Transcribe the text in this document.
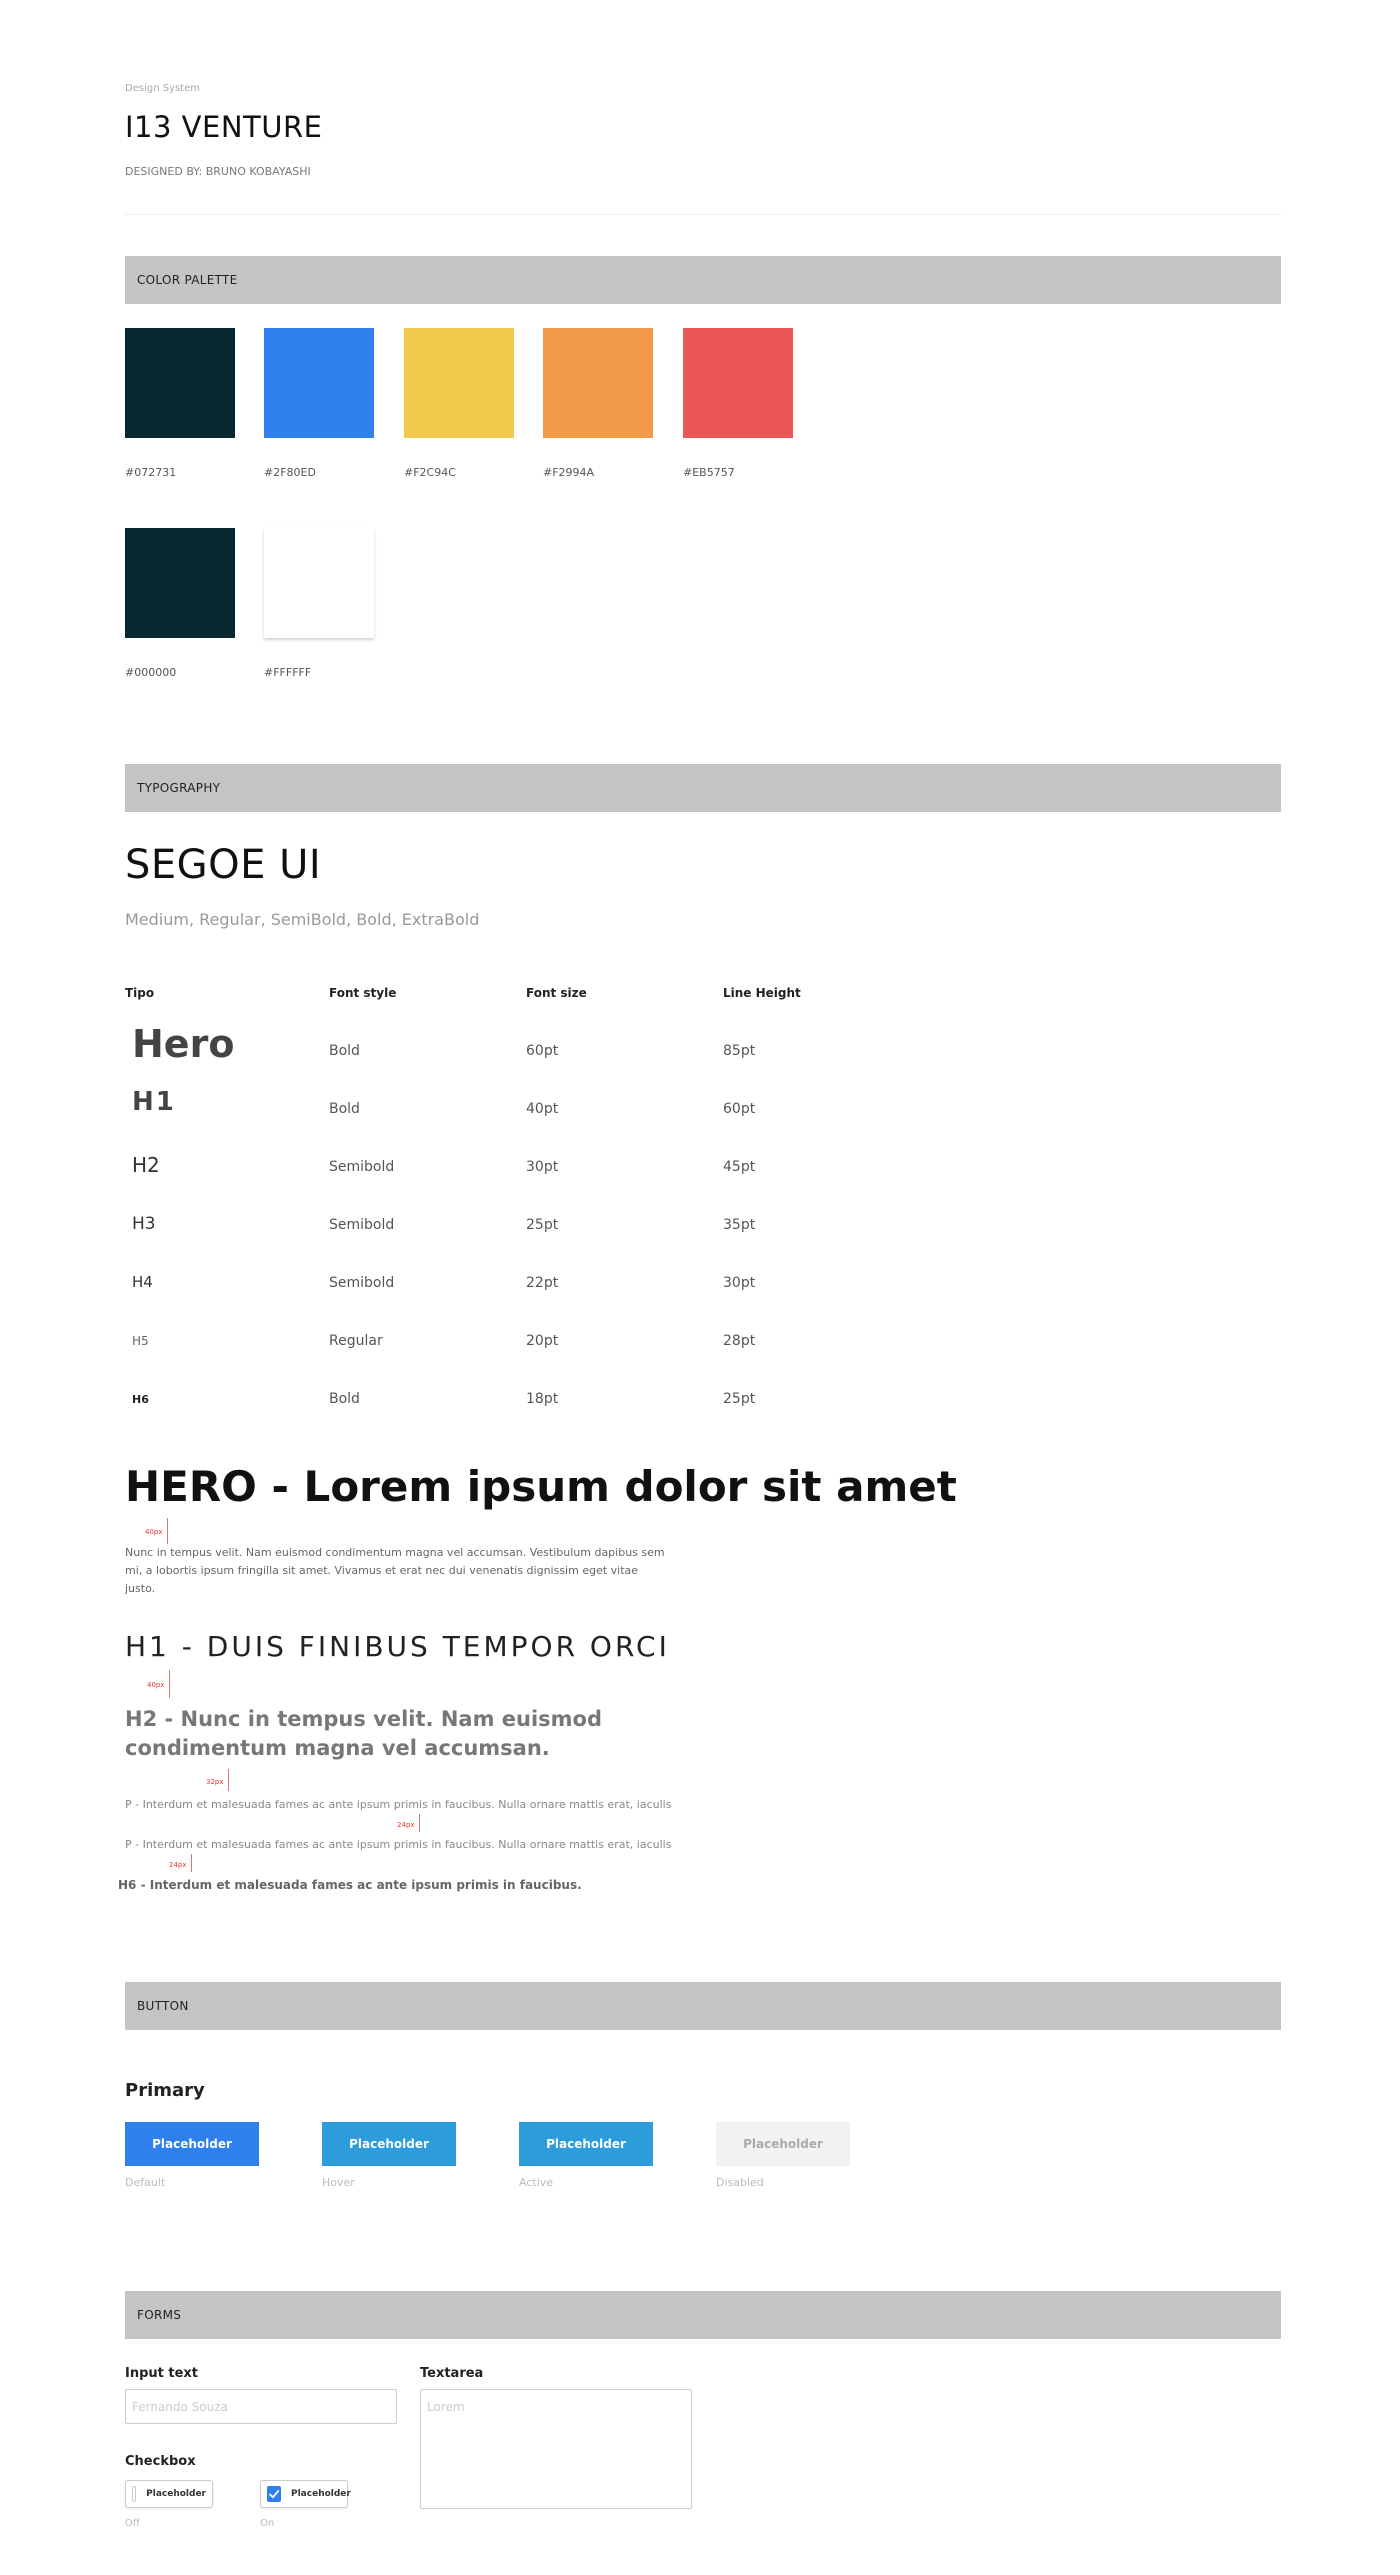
Design System
I13 VENTURE
DESIGNED BY: BRUNO KOBAYASHI
COLOR PALETTE
#072731	#2F80ED	#F2C94C	#F2994A	#EB5757
#000000	#FFFFFF
TYPOGRAPHY
SEGOE UI
Medium, Regular, SemiBold, Bold, ExtraBold
Tipo	Font style	Font size	Line Height
Hero	Bold	60pt	85pt
H1	Bold	40pt	60pt
H2	Semibold	30pt	45pt
H3	Semibold	25pt	35pt
H4	Semibold	22pt	30pt
H5	Regular	20pt	28pt
H6	Bold	18pt	25pt
HERO - Lorem ipsum dolor sit amet
40px
Nunc in tempus velit. Nam euismod condimentum magna vel accumsan. Vestibulum dapibus sem mi, a lobortis ipsum fringilla sit amet. Vivamus et erat nec dui venenatis dignissim eget vitae justo.
H1 - DUIS FINIBUS TEMPOR ORCI
40px
H2 - Nunc in tempus velit. Nam euismod condimentum magna vel accumsan.
32px
P - Interdum et malesuada fames ac ante ipsum primis in faucibus. Nulla ornare mattis erat, iaculis
24px
P - Interdum et malesuada fames ac ante ipsum primis in faucibus. Nulla ornare mattis erat, iaculis
24px
H6 - Interdum et malesuada fames ac ante ipsum primis in faucibus.
BUTTON
Primary
Placeholder
Default
Placeholder
Hover
Placeholder
Active
Placeholder
Disabled
FORMS
Input text
Fernando Souza	Textarea
Lorem
Checkbox
Placeholder
Off
Placeholder
On
